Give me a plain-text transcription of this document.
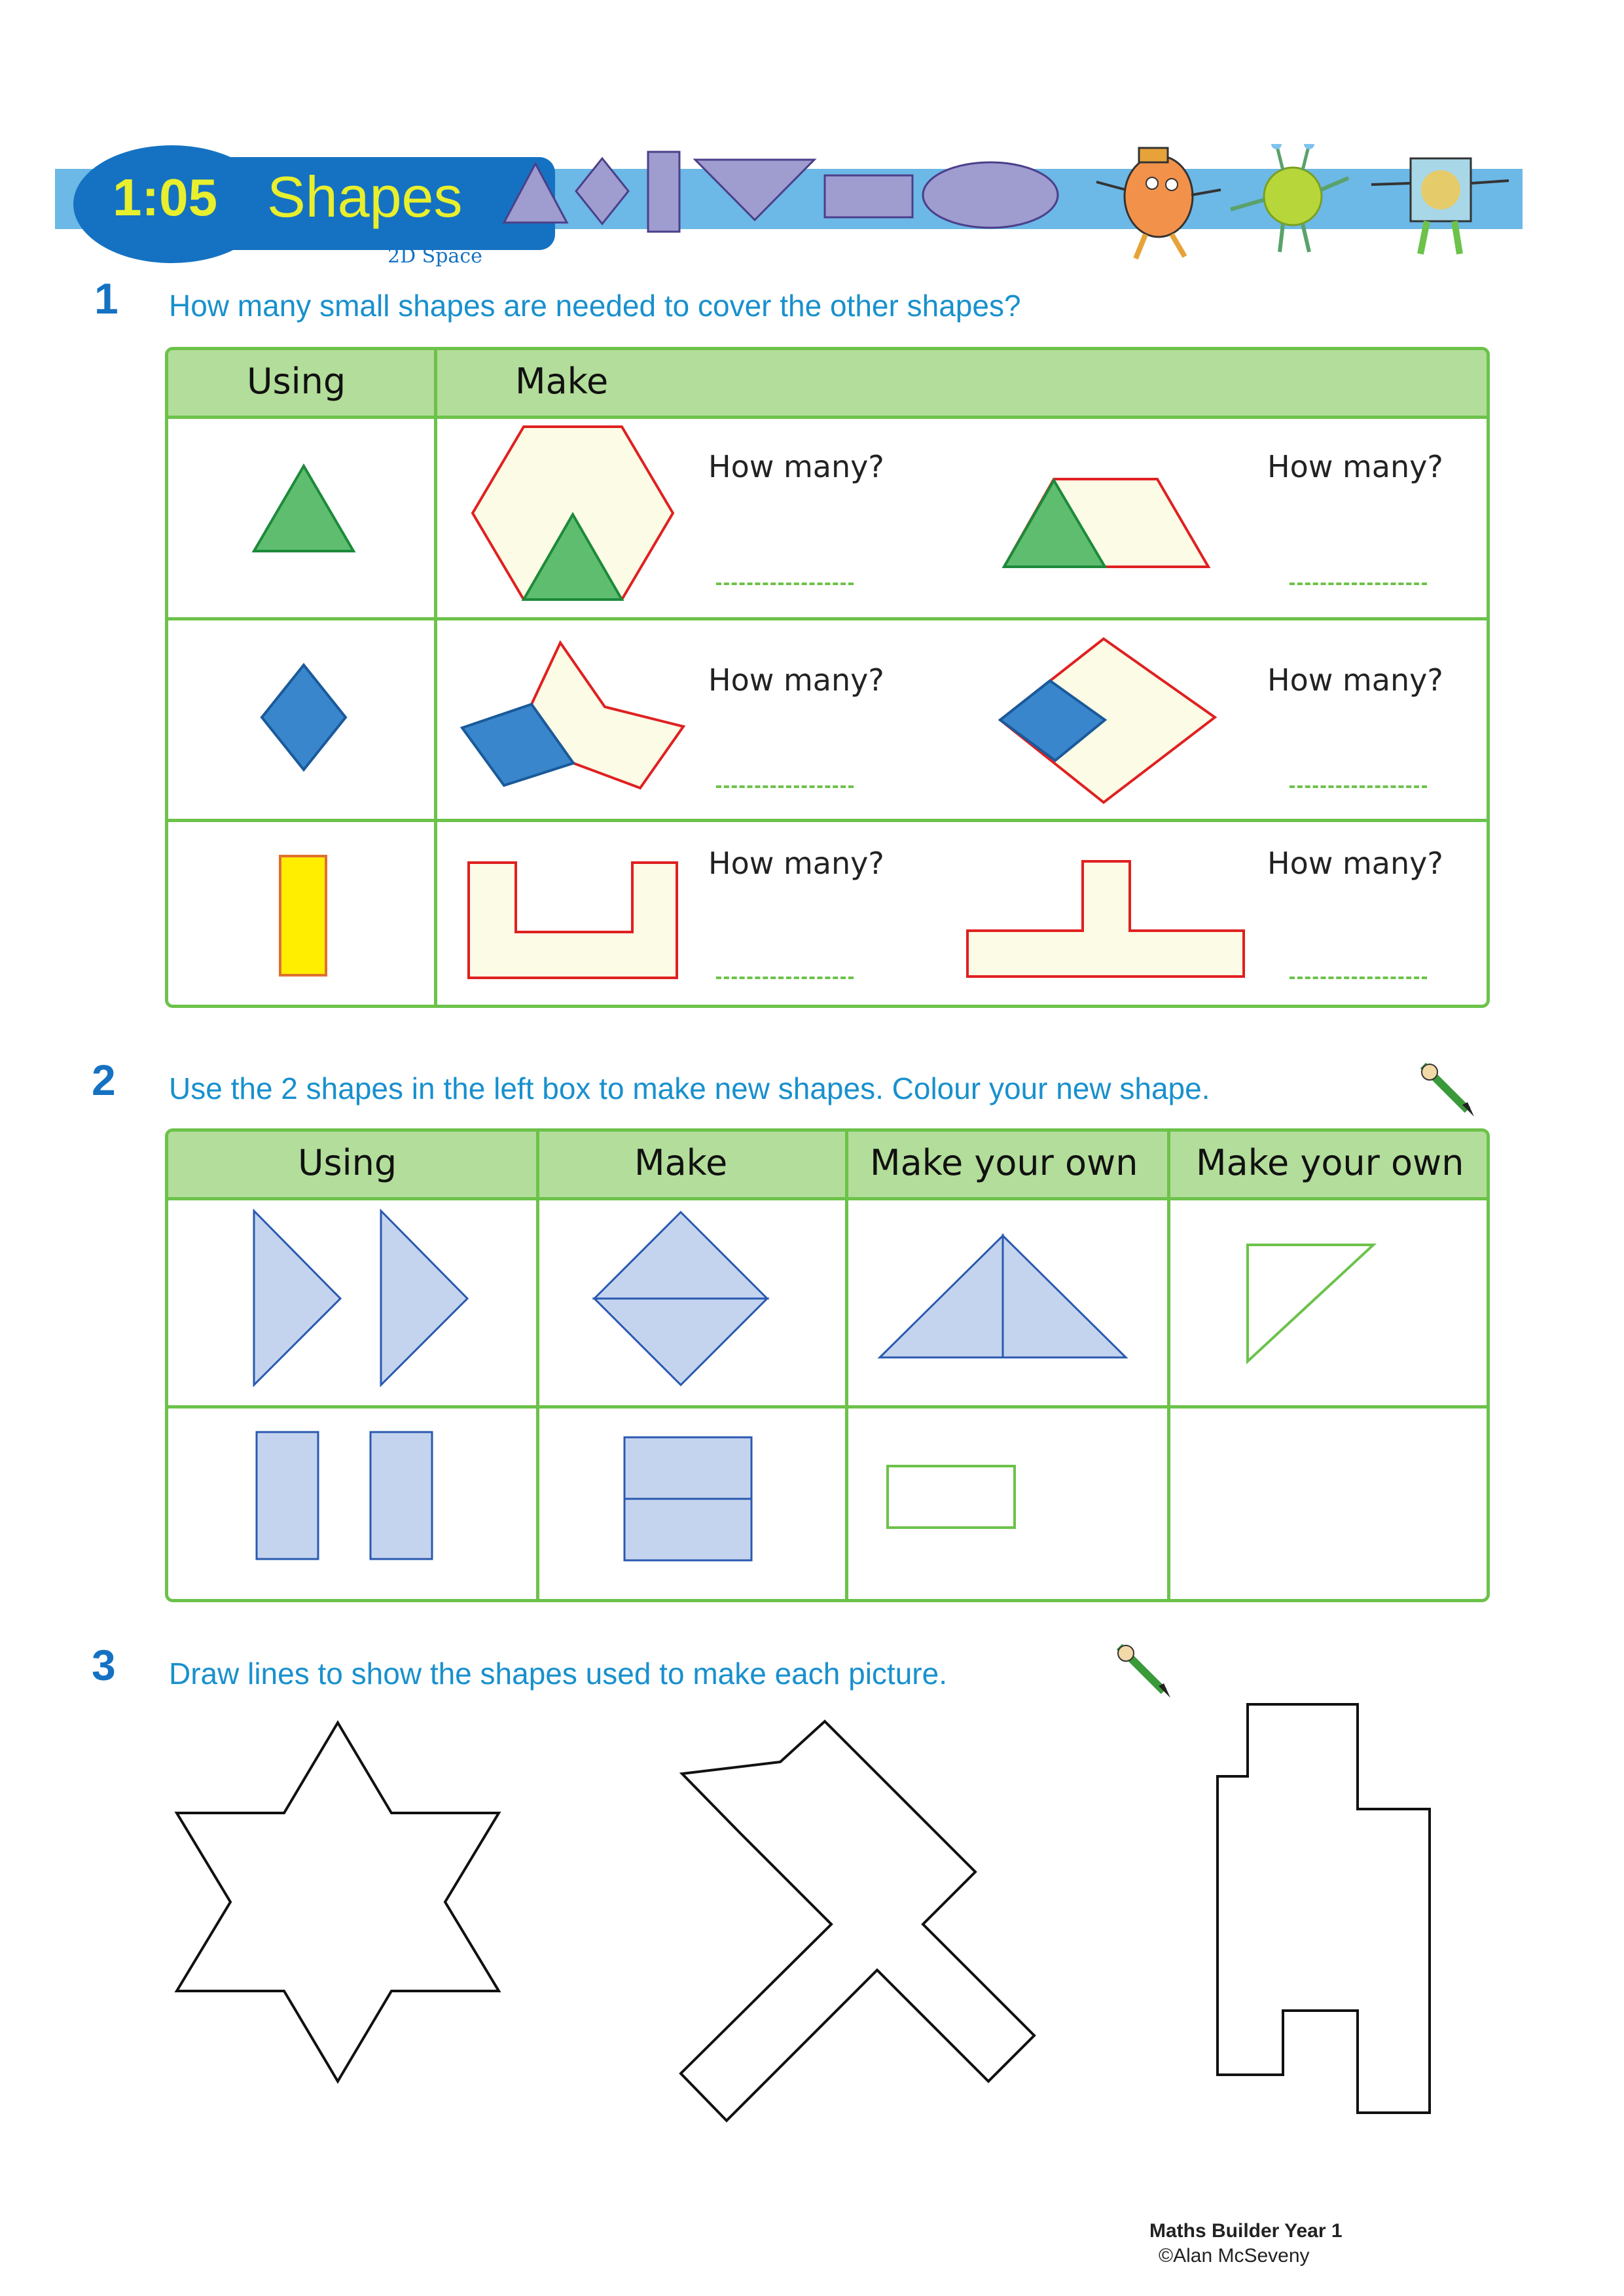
1:05 Shapes
2D Space
1 How many small shapes are needed to cover the other shapes?
Using	Make
How many?	How many?
How many?	How many?
How many?	How many?
2 Use the 2 shapes in the left box to make new shapes. Colour your new shape.
Using	Make	Make your own Make your own
3 Draw lines to show the shapes used to make each picture.
Maths Builder Year 1
©Alan McSeveny
